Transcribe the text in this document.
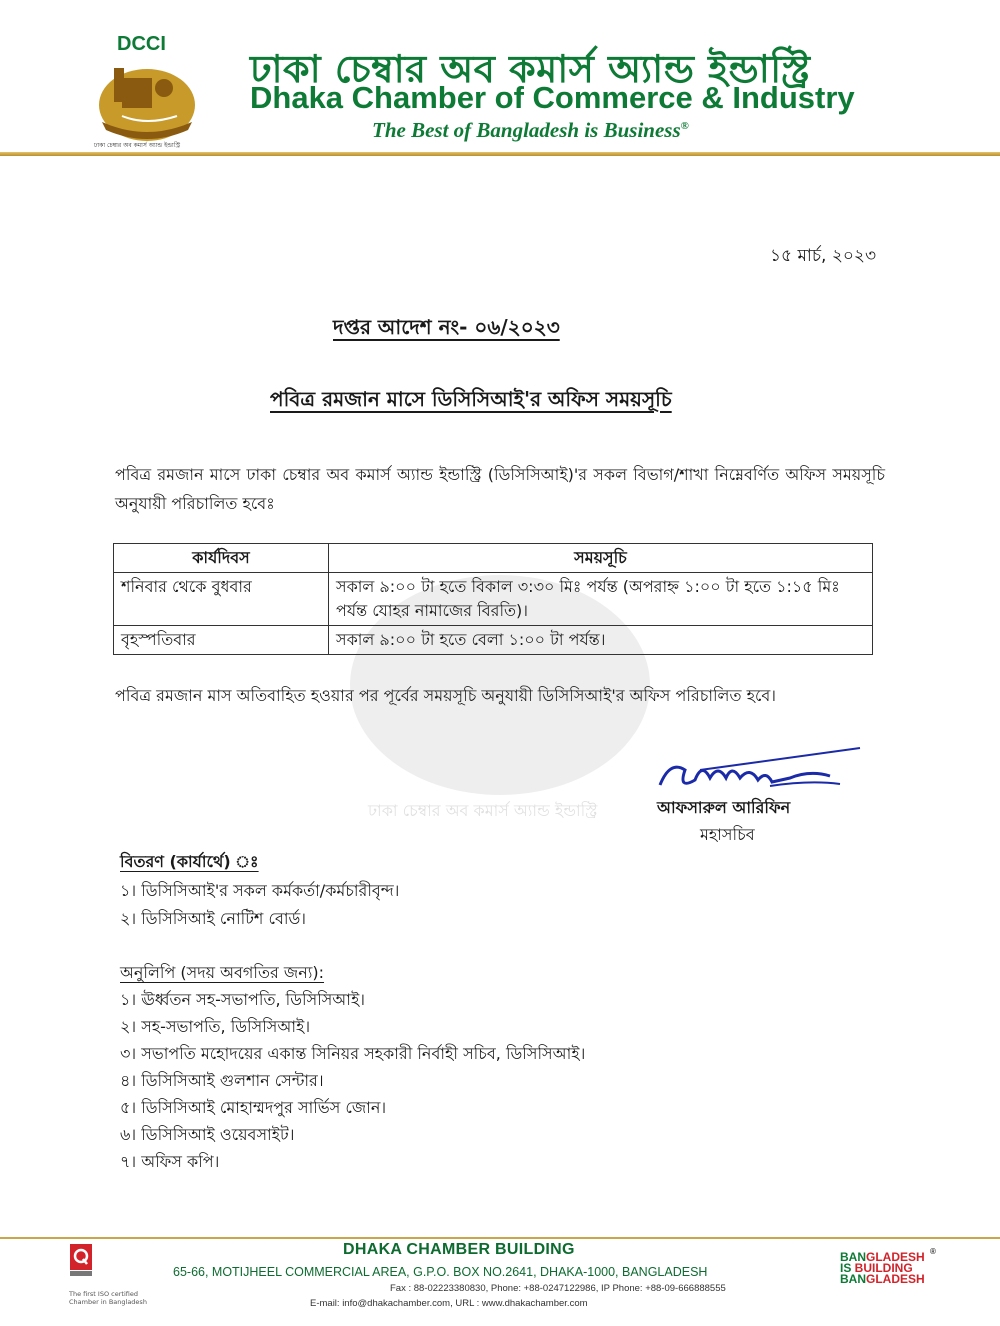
DCCI
ঢাকা চেম্বার অব কমার্স অ্যান্ড ইন্ডাস্ট্রি
ঢাকা চেম্বার অব কমার্স অ্যান্ড ইন্ডাস্ট্রি
Dhaka Chamber of Commerce & Industry
The Best of Bangladesh is Business®
ঢাকা চেম্বার অব কমার্স অ্যান্ড ইন্ডাস্ট্রি
১৫ মার্চ, ২০২৩
দপ্তর আদেশ নং- ০৬/২০২৩
পবিত্র রমজান মাসে ডিসিসিআই'র অফিস সময়সূচি
পবিত্র রমজান মাসে ঢাকা চেম্বার অব কমার্স অ্যান্ড ইন্ডাস্ট্রি (ডিসিসিআই)'র সকল বিভাগ/শাখা নিম্নেবর্ণিত অফিস সময়সূচি অনুযায়ী পরিচালিত হবেঃ
কার্যদিবস	সময়সূচি
শনিবার থেকে বুধবার	সকাল ৯:০০ টা হতে বিকাল ৩:৩০ মিঃ পর্যন্ত (অপরাহ্ন ১:০০ টা হতে ১:১৫ মিঃ পর্যন্ত যোহর নামাজের বিরতি)।
বৃহস্পতিবার	সকাল ৯:০০ টা হতে বেলা ১:০০ টা পর্যন্ত।
পবিত্র রমজান মাস অতিবাহিত হওয়ার পর পূর্বের সময়সূচি অনুযায়ী ডিসিসিআই'র অফিস পরিচালিত হবে।
আফসারুল আরিফিন
মহাসচিব
বিতরণ (কার্যার্থে) ঃ
১। ডিসিসিআই'র সকল কর্মকর্তা/কর্মচারীবৃন্দ।
২। ডিসিসিআই নোটিশ বোর্ড।
অনুলিপি (সদয় অবগতির জন্য):
১। ঊর্ধ্বতন সহ-সভাপতি, ডিসিসিআই।
২। সহ-সভাপতি, ডিসিসিআই।
৩। সভাপতি মহোদয়ের একান্ত সিনিয়র সহকারী নির্বাহী সচিব, ডিসিসিআই।
৪। ডিসিসিআই গুলশান সেন্টার।
৫। ডিসিসিআই মোহাম্মদপুর সার্ভিস জোন।
৬। ডিসিসিআই ওয়েবসাইট।
৭। অফিস কপি।
The first ISO certified Chamber in Bangladesh
DHAKA CHAMBER BUILDING
65-66, MOTIJHEEL COMMERCIAL AREA, G.P.O. BOX NO.2641, DHAKA-1000, BANGLADESH
Fax : 88-02223380830, Phone: +88-0247122986, IP Phone: +88-09-666888555
E-mail: info@dhakachamber.com, URL : www.dhakachamber.com
BANGLADESH
IS BUILDING
BANGLADESH
®
